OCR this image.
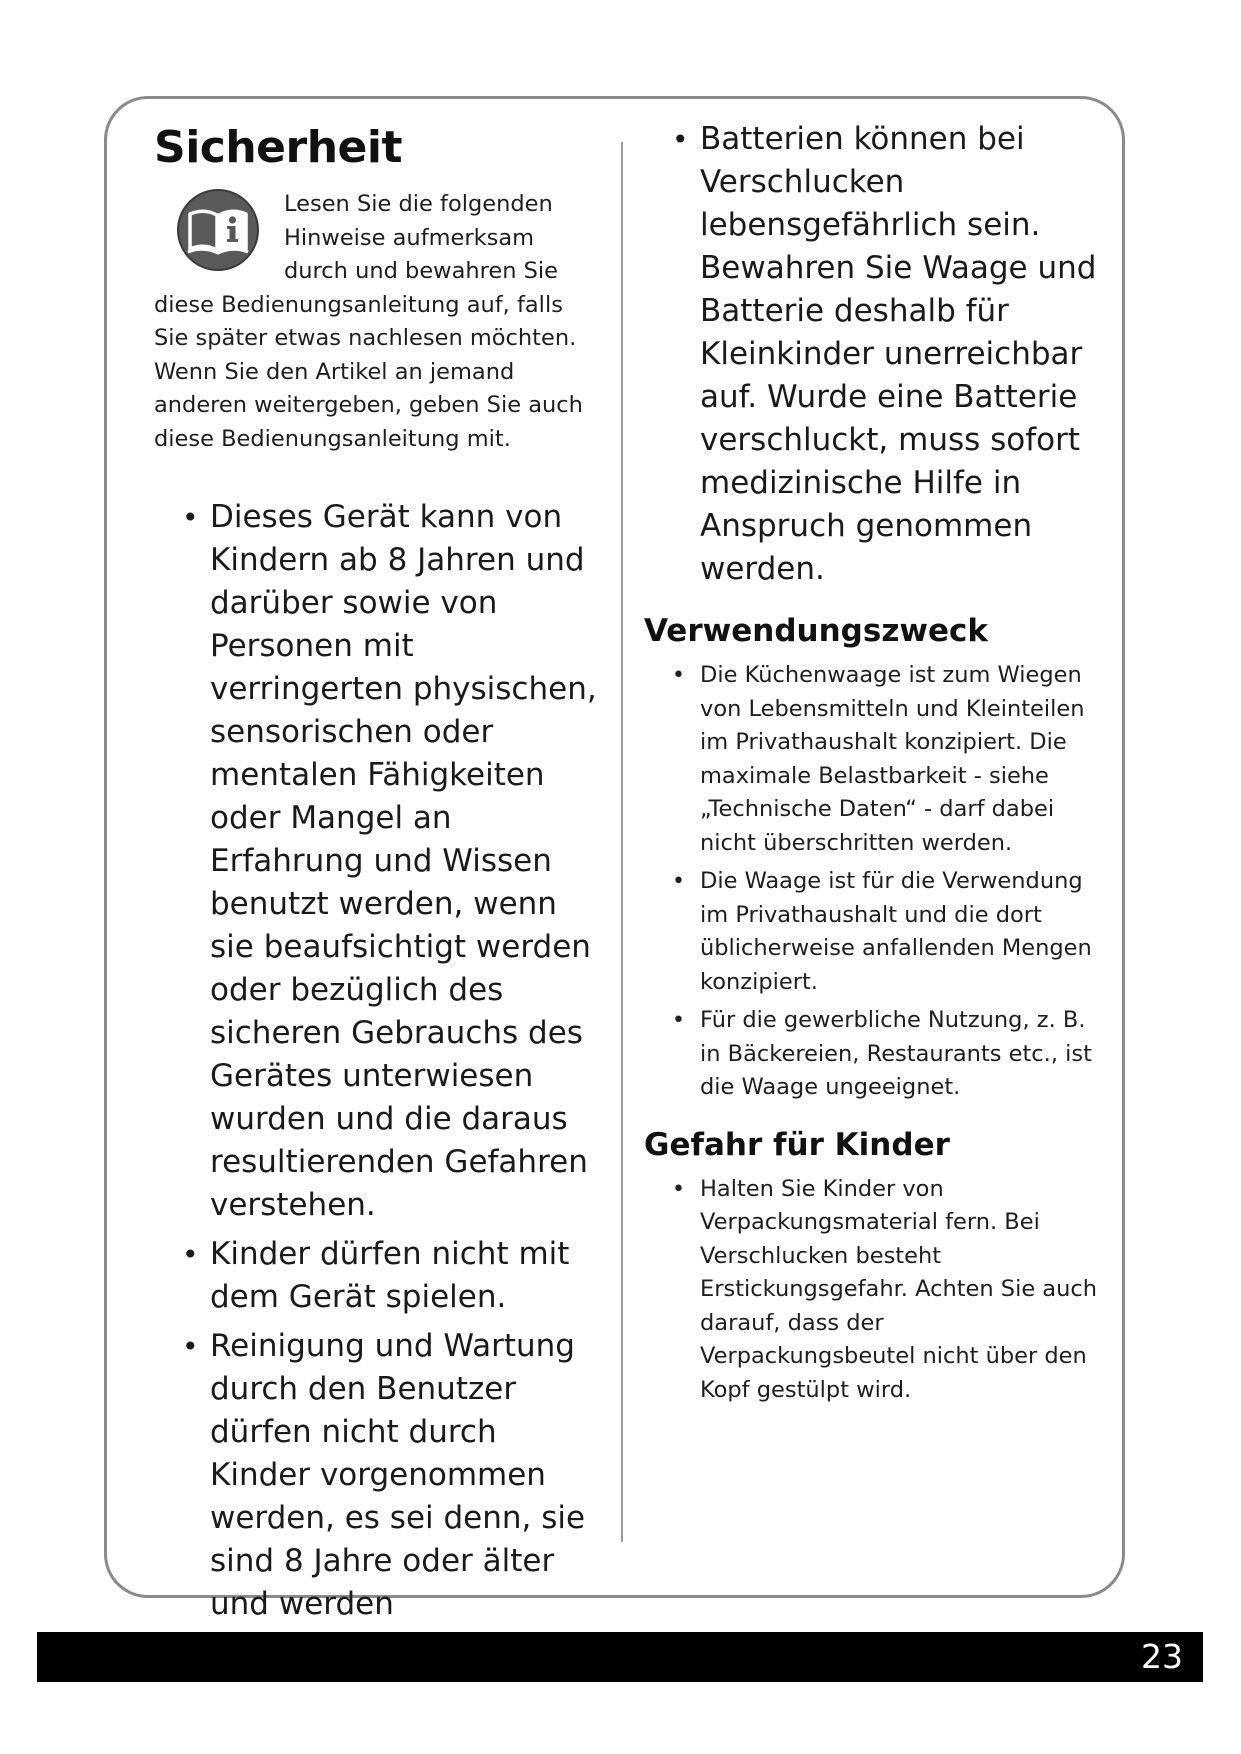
Sicherheit

Lesen Sie die folgenden Hinweise aufmerksam durch und bewahren Sie diese Bedienungsanleitung auf, falls Sie später etwas nachlesen möchten. Wenn Sie den Artikel an jemand anderen weitergeben, geben Sie auch diese Bedienungsanleitung mit.

• Dieses Gerät kann von Kindern ab 8 Jahren und darüber sowie von Personen mit verringerten physischen, sensorischen oder mentalen Fähigkeiten oder Mangel an Erfahrung und Wissen benutzt werden, wenn sie beaufsichtigt werden oder bezüglich des sicheren Gebrauchs des Gerätes unterwiesen wurden und die daraus resultierenden Gefahren verstehen.
• Kinder dürfen nicht mit dem Gerät spielen.
• Reinigung und Wartung durch den Benutzer dürfen nicht durch Kinder vorgenommen werden, es sei denn, sie sind 8 Jahre oder älter und werden
• Batterien können bei Verschlucken lebensgefährlich sein. Bewahren Sie Waage und Batterie deshalb für Kleinkinder unerreichbar auf. Wurde eine Batterie verschluckt, muss sofort medizinische Hilfe in Anspruch genommen werden.
Verwendungszweck
• Die Küchenwaage ist zum Wiegen von Lebensmitteln und Kleinteilen im Privathaushalt konzipiert. Die maximale Belastbarkeit - siehe „Technische Daten“ - darf dabei nicht überschritten werden.
• Die Waage ist für die Verwendung im Privathaushalt und die dort üblicherweise anfallenden Mengen konzipiert.
• Für die gewerbliche Nutzung, z. B. in Bäckereien, Restaurants etc., ist die Waage ungeeignet.
Gefahr für Kinder
• Halten Sie Kinder von Verpackungsmaterial fern. Bei Verschlucken besteht Erstickungsgefahr. Achten Sie auch darauf, dass der Verpackungsbeutel nicht über den Kopf gestülpt wird.
23
